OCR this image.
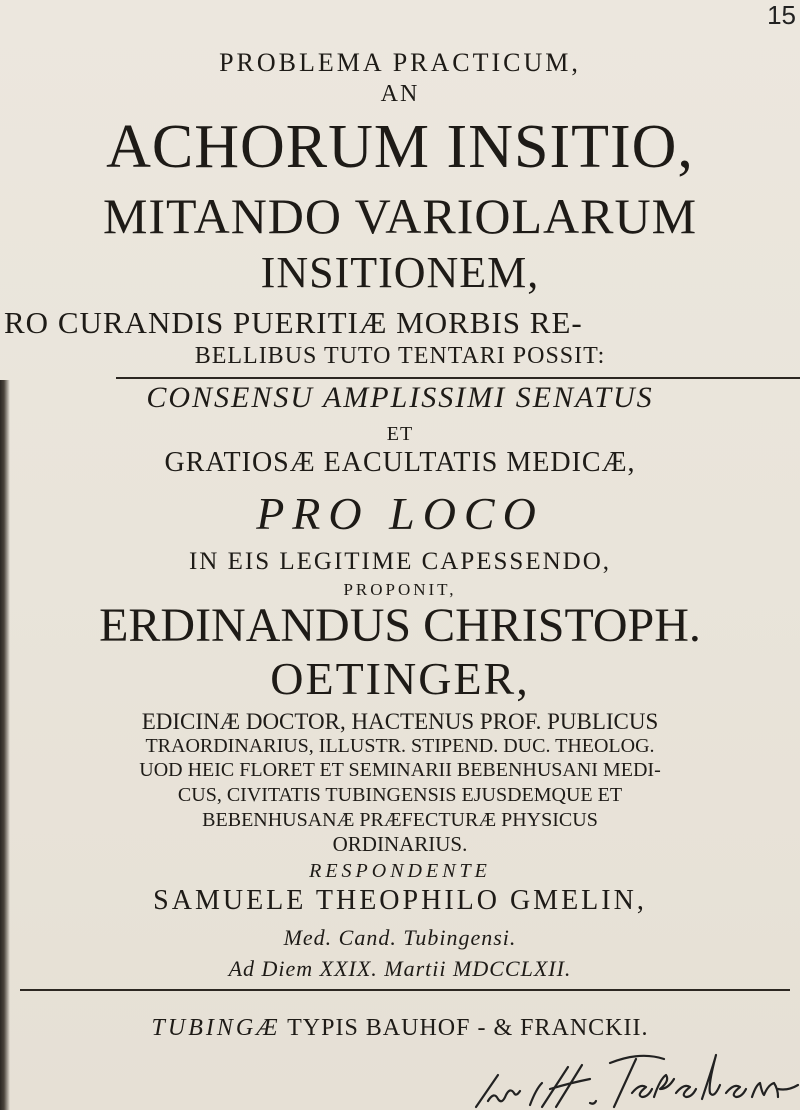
15
PROBLEMA PRACTICUM,
AN
ACHORUM INSITIO,
MITANDO VARIOLARUM
INSITIONEM,
RO CURANDIS PUERITIÆ MORBIS RE-
BELLIBUS TUTO TENTARI POSSIT:
CONSENSU AMPLISSIMI SENATUS
ET
GRATIOSÆ EACULTATIS MEDICÆ,
PRO LOCO
IN EIS LEGITIME CAPESSENDO,
PROPONIT,
ERDINANDUS CHRISTOPH.
OETINGER,
EDICINÆ DOCTOR, HACTENUS PROF. PUBLICUS
TRAORDINARIUS, ILLUSTR. STIPEND. DUC. THEOLOG.
UOD HEIC FLORET ET SEMINARII BEBENHUSANI MEDI-
CUS, CIVITATIS TUBINGENSIS EJUSDEMQUE ET
BEBENHUSANÆ PRÆFECTURÆ PHYSICUS
ORDINARIUS.
RESPONDENTE
SAMUELE THEOPHILO GMELIN,
Med. Cand. Tubingensi.
Ad Diem XXIX. Martii MDCCLXII.
TUBINGÆ TYPIS BAUHOF - & FRANCKII.
